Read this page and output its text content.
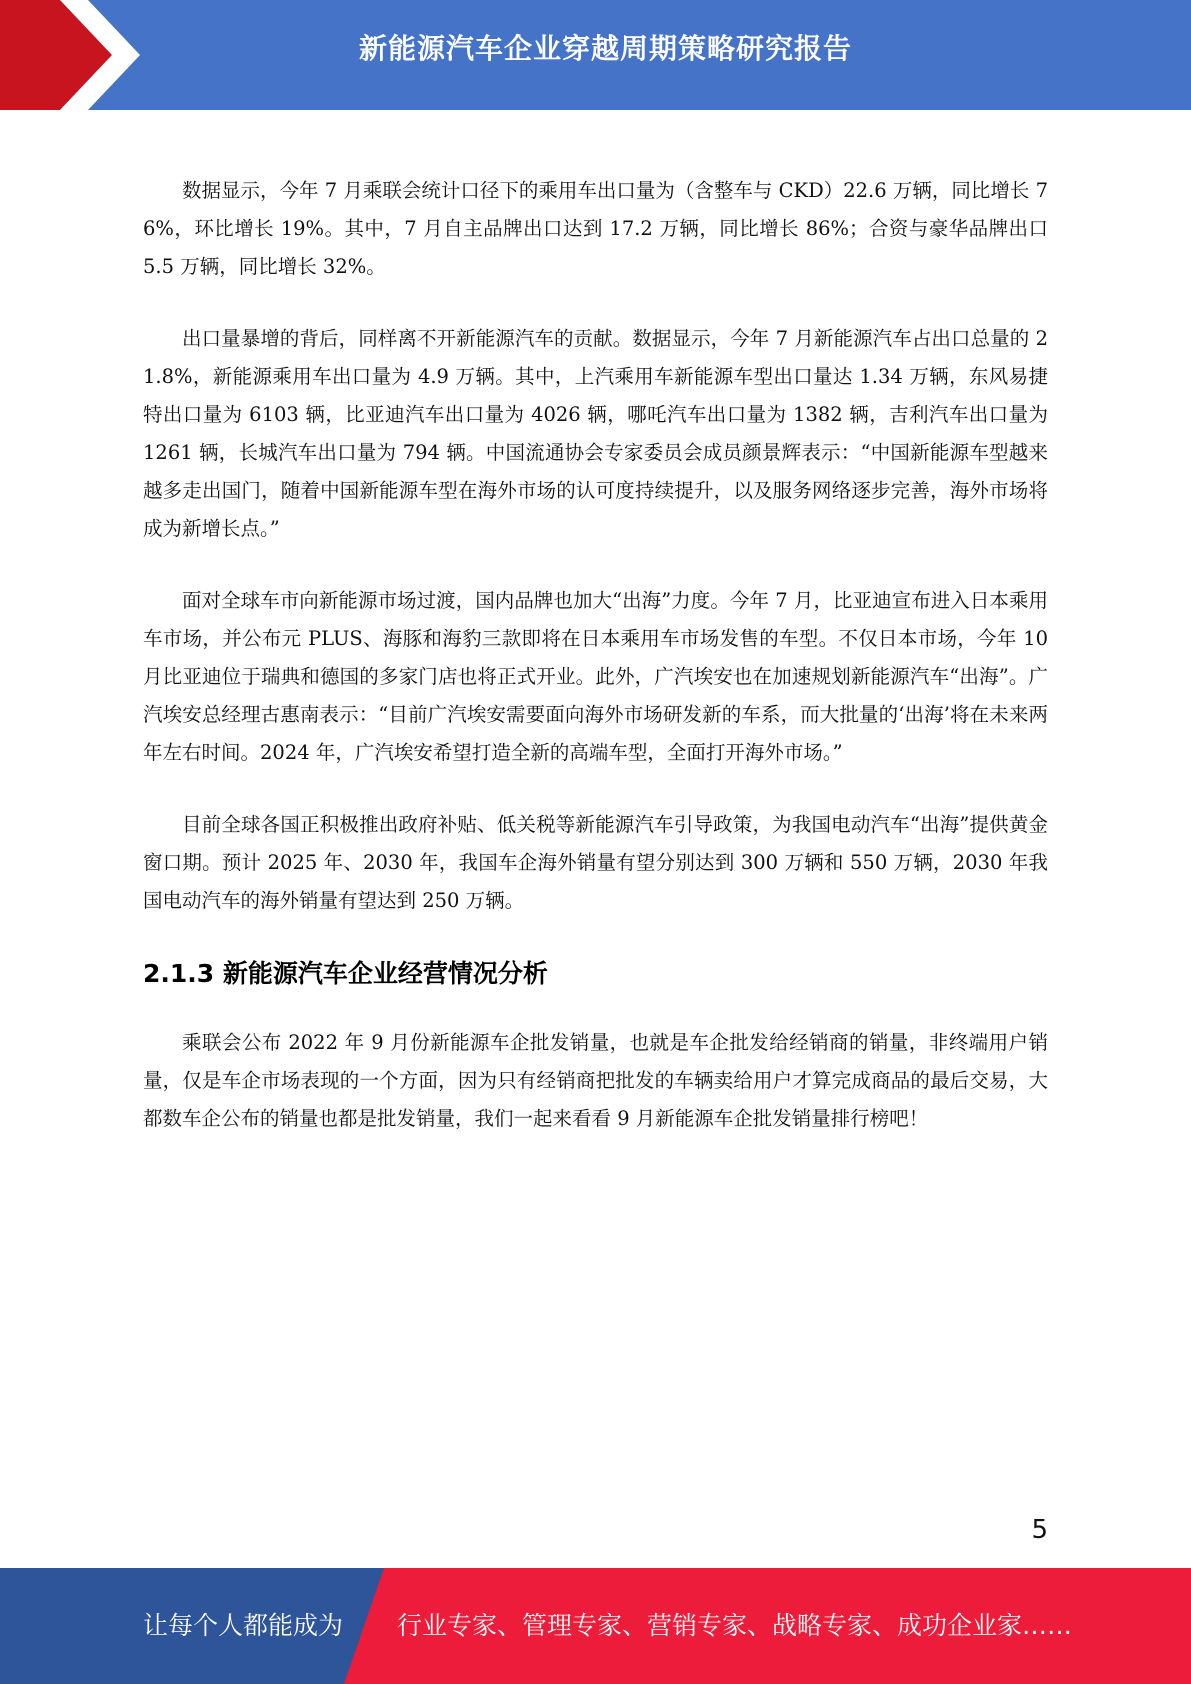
新能源汽车企业穿越周期策略研究报告

数据显示，今年 7 月乘联会统计口径下的乘用车出口量为（含整车与 CKD）22.6 万辆，同比增长 76%，环比增长 19%。其中，7 月自主品牌出口达到 17.2 万辆，同比增长 86%；合资与豪华品牌出口 5.5 万辆，同比增长 32%。

出口量暴增的背后，同样离不开新能源汽车的贡献。数据显示，今年 7 月新能源汽车占出口总量的 21.8%，新能源乘用车出口量为 4.9 万辆。其中，上汽乘用车新能源车型出口量达 1.34 万辆，东风易捷特出口量为 6103 辆，比亚迪汽车出口量为 4026 辆，哪吒汽车出口量为 1382 辆，吉利汽车出口量为 1261 辆，长城汽车出口量为 794 辆。中国流通协会专家委员会成员颜景辉表示：“中国新能源车型越来越多走出国门，随着中国新能源车型在海外市场的认可度持续提升，以及服务网络逐步完善，海外市场将成为新增长点。”

面对全球车市向新能源市场过渡，国内品牌也加大“出海”力度。今年 7 月，比亚迪宣布进入日本乘用车市场，并公布元 PLUS、海豚和海豹三款即将在日本乘用车市场发售的车型。不仅日本市场，今年 10 月比亚迪位于瑞典和德国的多家门店也将正式开业。此外，广汽埃安也在加速规划新能源汽车“出海”。广汽埃安总经理古惠南表示：“目前广汽埃安需要面向海外市场研发新的车系，而大批量的‘出海’将在未来两年左右时间。2024 年，广汽埃安希望打造全新的高端车型，全面打开海外市场。”

目前全球各国正积极推出政府补贴、低关税等新能源汽车引导政策，为我国电动汽车“出海”提供黄金窗口期。预计 2025 年、2030 年，我国车企海外销量有望分别达到 300 万辆和 550 万辆，2030 年我国电动汽车的海外销量有望达到 250 万辆。

2.1.3 新能源汽车企业经营情况分析

乘联会公布 2022 年 9 月份新能源车企批发销量，也就是车企批发给经销商的销量，非终端用户销量，仅是车企市场表现的一个方面，因为只有经销商把批发的车辆卖给用户才算完成商品的最后交易，大都数车企公布的销量也都是批发销量，我们一起来看看 9 月新能源车企批发销量排行榜吧！

5
让每个人都能成为 行业专家、管理专家、营销专家、战略专家、成功企业家……
